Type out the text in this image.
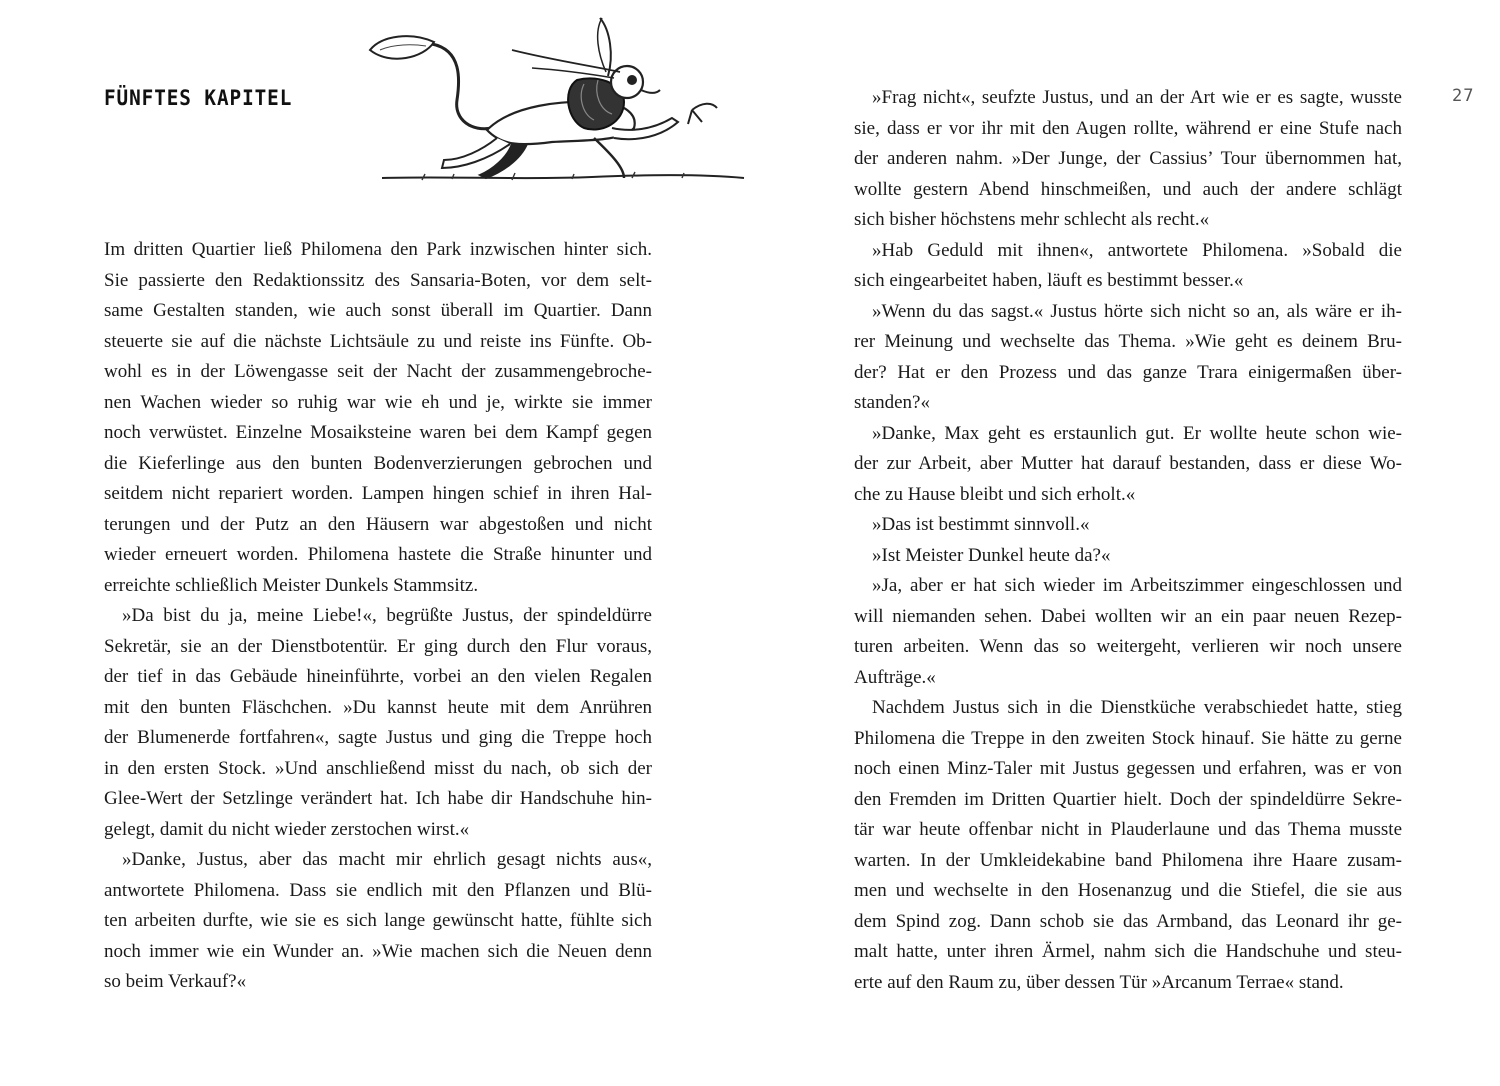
FÜNFTES KAPITEL	27
Im dritten Quartier ließ Philomena den Park inzwischen hinter sich.
Sie passierte den Redaktionssitz des Sansaria-Boten, vor dem selt-
same Gestalten standen, wie auch sonst überall im Quartier. Dann
steuerte sie auf die nächste Lichtsäule zu und reiste ins Fünfte. Ob-
wohl es in der Löwengasse seit der Nacht der zusammengebroche-
nen Wachen wieder so ruhig war wie eh und je, wirkte sie immer
noch verwüstet. Einzelne Mosaiksteine waren bei dem Kampf gegen
die Kieferlinge aus den bunten Bodenverzierungen gebrochen und
seitdem nicht repariert worden. Lampen hingen schief in ihren Hal-
terungen und der Putz an den Häusern war abgestoßen und nicht
wieder erneuert worden. Philomena hastete die Straße hinunter und
erreichte schließlich Meister Dunkels Stammsitz.
»Da bist du ja, meine Liebe!«, begrüßte Justus, der spindeldürre
Sekretär, sie an der Dienstbotentür. Er ging durch den Flur voraus,
der tief in das Gebäude hineinführte, vorbei an den vielen Regalen
mit den bunten Fläschchen. »Du kannst heute mit dem Anrühren
der Blumenerde fortfahren«, sagte Justus und ging die Treppe hoch
in den ersten Stock. »Und anschließend misst du nach, ob sich der
Glee-Wert der Setzlinge verändert hat. Ich habe dir Handschuhe hin-
gelegt, damit du nicht wieder zerstochen wirst.«
»Danke, Justus, aber das macht mir ehrlich gesagt nichts aus«,
antwortete Philomena. Dass sie endlich mit den Pflanzen und Blü-
ten arbeiten durfte, wie sie es sich lange gewünscht hatte, fühlte sich
noch immer wie ein Wunder an. »Wie machen sich die Neuen denn
so beim Verkauf?«
»Frag nicht«, seufzte Justus, und an der Art wie er es sagte, wusste
sie, dass er vor ihr mit den Augen rollte, während er eine Stufe nach
der anderen nahm. »Der Junge, der Cassius’ Tour übernommen hat,
wollte gestern Abend hinschmeißen, und auch der andere schlägt
sich bisher höchstens mehr schlecht als recht.«
»Hab Geduld mit ihnen«, antwortete Philomena. »Sobald die
sich eingearbeitet haben, läuft es bestimmt besser.«
»Wenn du das sagst.« Justus hörte sich nicht so an, als wäre er ih-
rer Meinung und wechselte das Thema. »Wie geht es deinem Bru-
der? Hat er den Prozess und das ganze Trara einigermaßen über-
standen?«
»Danke, Max geht es erstaunlich gut. Er wollte heute schon wie-
der zur Arbeit, aber Mutter hat darauf bestanden, dass er diese Wo-
che zu Hause bleibt und sich erholt.«
»Das ist bestimmt sinnvoll.«
»Ist Meister Dunkel heute da?«
»Ja, aber er hat sich wieder im Arbeitszimmer eingeschlossen und
will niemanden sehen. Dabei wollten wir an ein paar neuen Rezep-
turen arbeiten. Wenn das so weitergeht, verlieren wir noch unsere
Aufträge.«
Nachdem Justus sich in die Dienstküche verabschiedet hatte, stieg
Philomena die Treppe in den zweiten Stock hinauf. Sie hätte zu gerne
noch einen Minz-Taler mit Justus gegessen und erfahren, was er von
den Fremden im Dritten Quartier hielt. Doch der spindeldürre Sekre-
tär war heute offenbar nicht in Plauderlaune und das Thema musste
warten. In der Umkleidekabine band Philomena ihre Haare zusam-
men und wechselte in den Hosenanzug und die Stiefel, die sie aus
dem Spind zog. Dann schob sie das Armband, das Leonard ihr ge-
malt hatte, unter ihren Ärmel, nahm sich die Handschuhe und steu-
erte auf den Raum zu, über dessen Tür »Arcanum Terrae« stand.
